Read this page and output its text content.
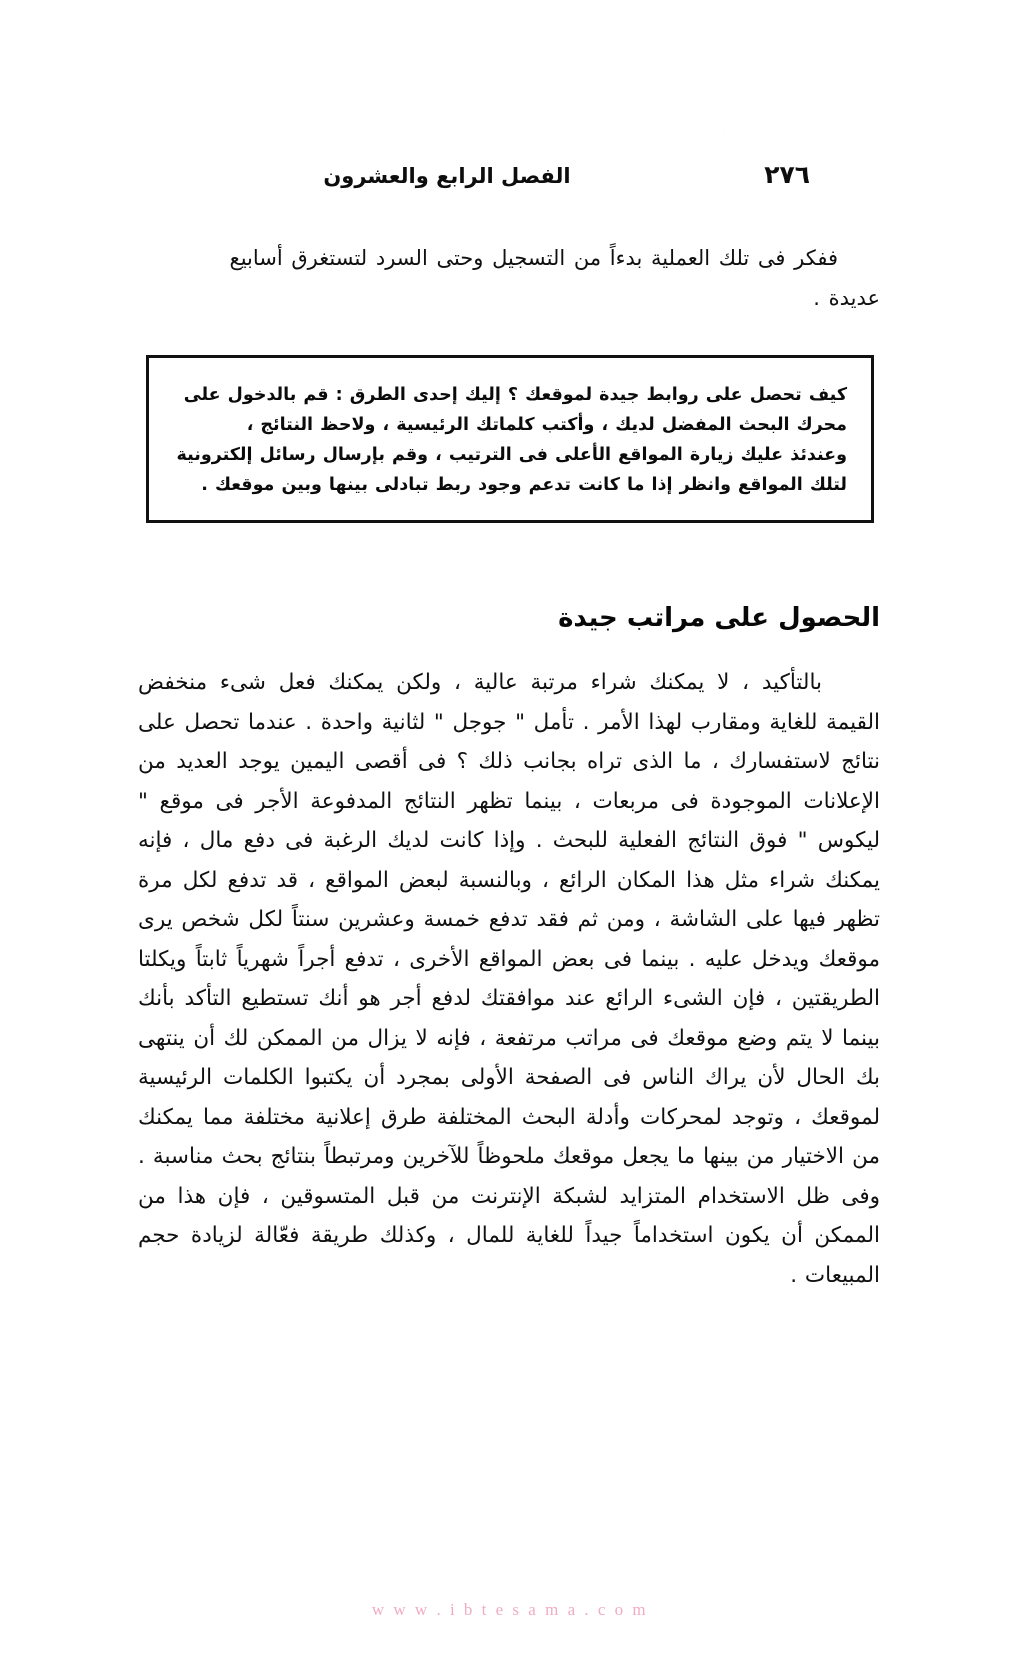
٢٧٦
الفصل الرابع والعشرون
ففكر فى تلك العملية بدءاً من التسجيل وحتى السرد لتستغرق أسابيع
عديدة .
كيف تحصل على روابط جيدة لموقعك ؟ إليك إحدى الطرق : قم بالدخول على
محرك البحث المفضل لديك ، وأكتب كلماتك الرئيسية ، ولاحظ النتائج ،
وعندئذ عليك زيارة المواقع الأعلى فى الترتيب ، وقم بإرسال رسائل إلكترونية
لتلك المواقع وانظر إذا ما كانت تدعم وجود ربط تبادلى بينها وبين موقعك .
الحصول على مراتب جيدة
بالتأكيد ، لا يمكنك شراء مرتبة عالية ، ولكن يمكنك فعل شىء منخفض القيمة للغاية ومقارب لهذا الأمر . تأمل " جوجل " لثانية واحدة . عندما تحصل على نتائج لاستفسارك ، ما الذى تراه بجانب ذلك ؟ فى أقصى اليمين يوجد العديد من الإعلانات الموجودة فى مربعات ، بينما تظهر النتائج المدفوعة الأجر فى موقع " ليكوس " فوق النتائج الفعلية للبحث . وإذا كانت لديك الرغبة فى دفع مال ، فإنه يمكنك شراء مثل هذا المكان الرائع ، وبالنسبة لبعض المواقع ، قد تدفع لكل مرة تظهر فيها على الشاشة ، ومن ثم فقد تدفع خمسة وعشرين سنتاً لكل شخص يرى موقعك ويدخل عليه . بينما فى بعض المواقع الأخرى ، تدفع أجراً شهرياً ثابتاً ويكلتا الطريقتين ، فإن الشىء الرائع عند موافقتك لدفع أجر هو أنك تستطيع التأكد بأنك بينما لا يتم وضع موقعك فى مراتب مرتفعة ، فإنه لا يزال من الممكن لك أن ينتهى بك الحال لأن يراك الناس فى الصفحة الأولى بمجرد أن يكتبوا الكلمات الرئيسية لموقعك ، وتوجد لمحركات وأدلة البحث المختلفة طرق إعلانية مختلفة مما يمكنك من الاختيار من بينها ما يجعل موقعك ملحوظاً للآخرين ومرتبطاً بنتائج بحث مناسبة . وفى ظل الاستخدام المتزايد لشبكة الإنترنت من قبل المتسوقين ، فإن هذا من الممكن أن يكون استخداماً جيداً للغاية للمال ، وكذلك طريقة فعّالة لزيادة حجم المبيعات .
w w w . i b t e s a m a . c o m
